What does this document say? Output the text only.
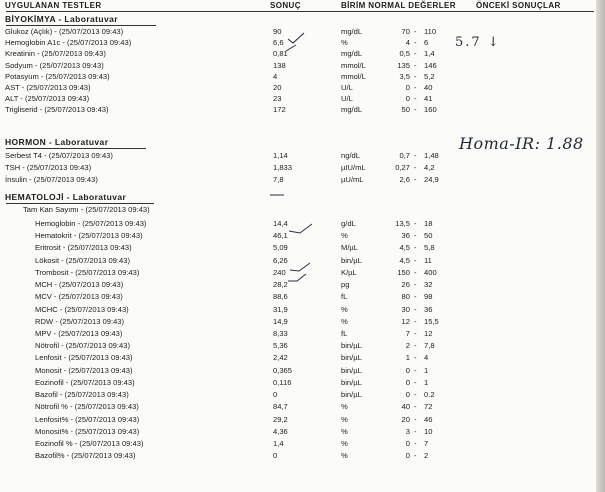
UYGULANAN TESTLER	SONUÇ	BİRİM NORMAL DEĞERLER	ÖNCEKİ SONUÇLAR
BİYOKİMYA - Laboratuvar
HORMON - Laboratuvar
HEMATOLOJİ - Laboratuvar
Tam Kan Sayımı - (25/07/2013 09:43)
Glukoz (Açlık) - (25/07/2013 09:43)	90	mg/dL	70 110
-
Hemoglobin A1c - (25/07/2013 09:43)	6,6	%	4 6
-
Kreatinin - (25/07/2013 09:43)	0,81	mg/dL	0,5 1,4
-
Sodyum - (25/07/2013 09:43)	138	mmol/L	135 146
-
Potasyum - (25/07/2013 09:43)	4	mmol/L	3,5 5,2
-
AST - (25/07/2013 09:43)	20	U/L	0 40
-
ALT - (25/07/2013 09:43)	23	U/L	0 41
-
Trigliserid - (25/07/2013 09:43)	172	mg/dL	50 160
-
Serbest T4 - (25/07/2013 09:43)	1,14	ng/dL	0,7 1,48
-
TSH - (25/07/2013 09:43)	1,833	µIU/mL	0,27 4,2
-
İnsulin - (25/07/2013 09:43)	7,8	µU/mL	2,6 24,9
-
Hemoglobin - (25/07/2013 09:43)	14,4	g/dL	13,5 18
-
Hematokrit - (25/07/2013 09:43)	46,1	%	36 50
-
Eritrosit - (25/07/2013 09:43)	5,09	M/µL	4,5 5,8
-
Lökosit - (25/07/2013 09:43)	6,26	bin/µL	4,5 11
-
Trombosit - (25/07/2013 09:43)	240	K/µL	150 400
-
MCH - (25/07/2013 09:43)	28,2	pg	26 32
-
MCV - (25/07/2013 09:43)	88,6	fL	80 98
-
MCHC - (25/07/2013 09:43)	31,9	%	30 36
-
RDW - (25/07/2013 09:43)	14,9	%	12 15,5
-
MPV - (25/07/2013 09:43)	8,33	fL	7 12
-
Nötrofil - (25/07/2013 09:43)	5,36	bin/µL	2 7,8
-
Lenfosit - (25/07/2013 09:43)	2,42	bin/µL	1 4
-
Monosit - (25/07/2013 09:43)	0,365	bin/µL	0 1
-
Eozinofil - (25/07/2013 09:43)	0,116	bin/µL	0 1
-
Bazofil - (25/07/2013 09:43)	0	bin/µL	0 0.2
-
Nötrofil % - (25/07/2013 09:43)	84,7	%	40 72
-
Lenfosit% - (25/07/2013 09:43)	29,2	%	20 46
-
Monosit% - (25/07/2013 09:43)	4,36	%	3 10
-
Eozinofil % - (25/07/2013 09:43)	1,4	%	0 7
-
Bazofil% - (25/07/2013 09:43)	0	%	0 2
-
5.7 ↓
Homa-IR: 1.88
